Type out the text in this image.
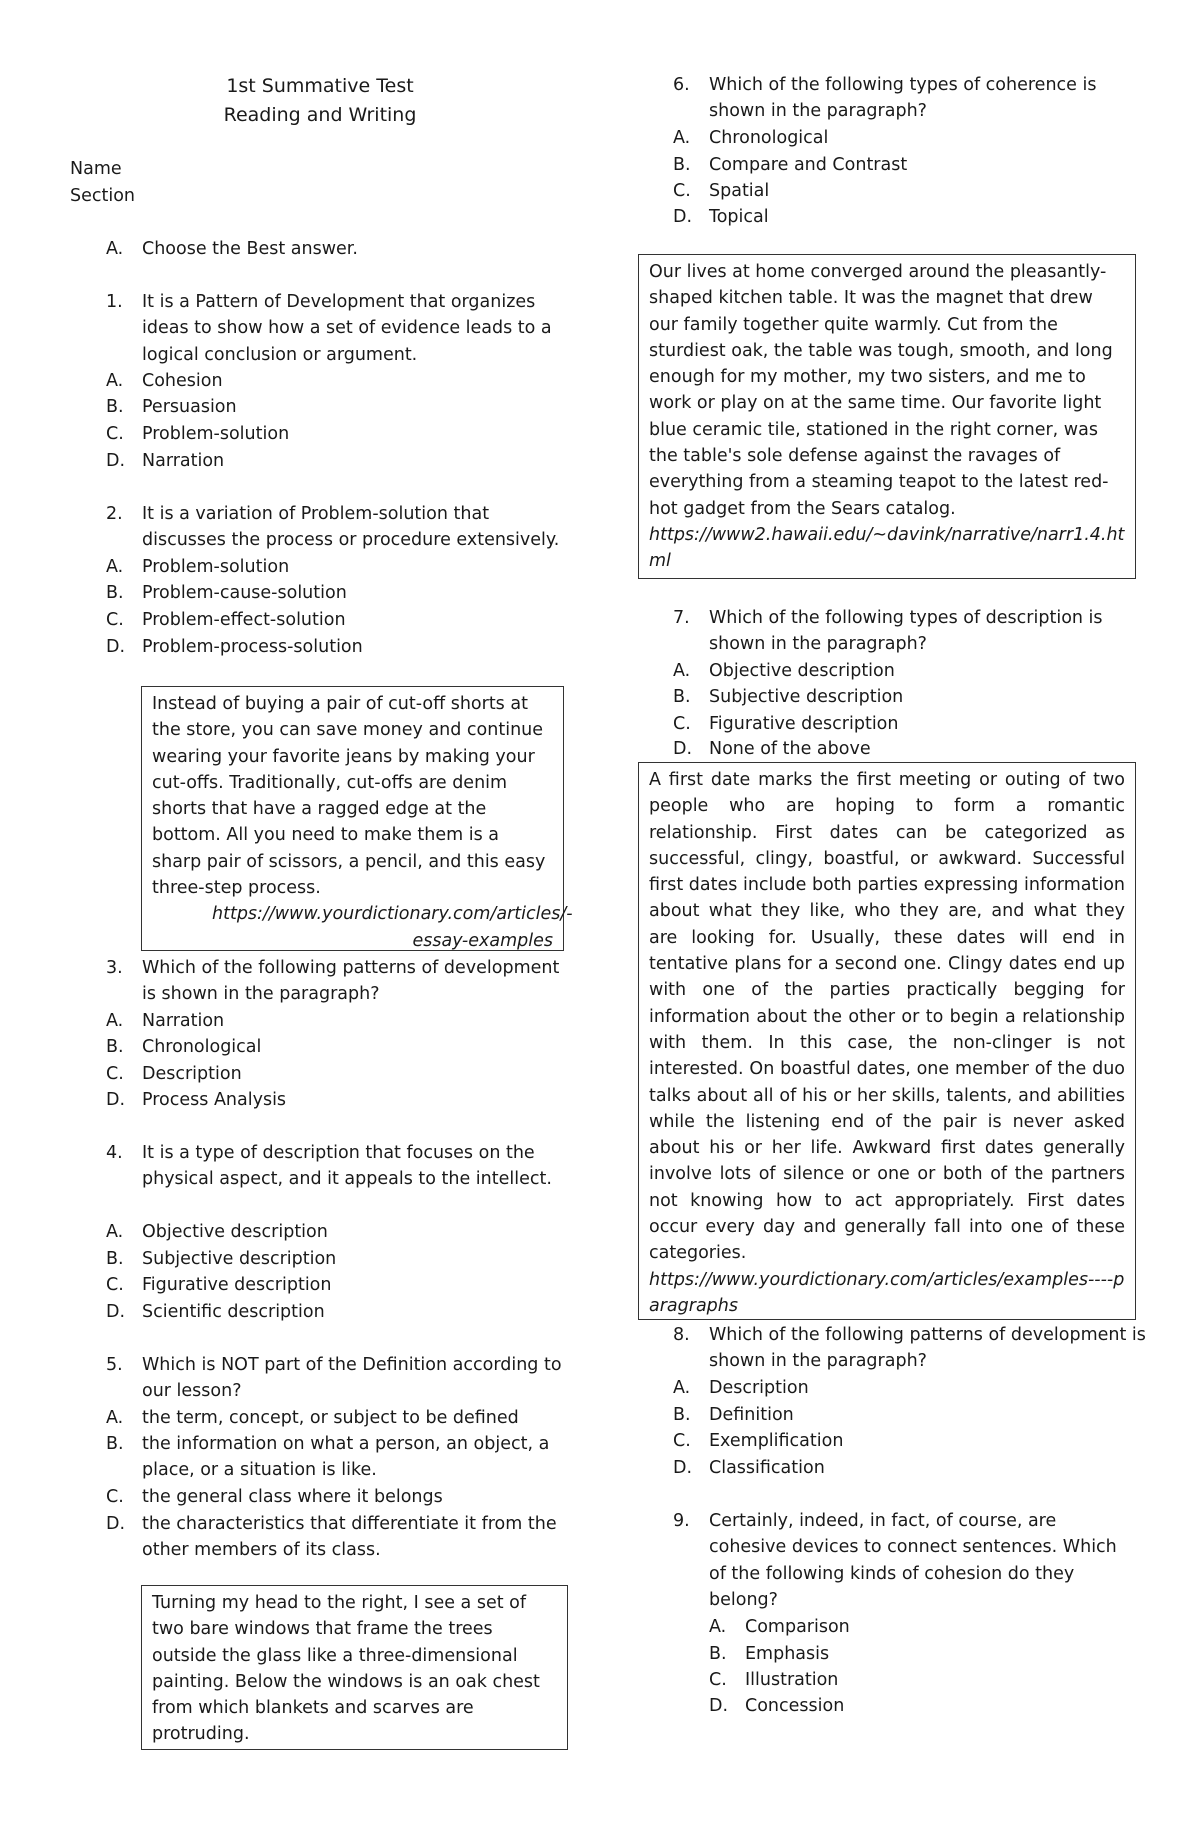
1st Summative Test
Reading and Writing
Name
Section
A.	Choose the Best answer.
1.	It is a Pattern of Development that organizes ideas to show how a set of evidence leads to a logical conclusion or argument.
A.	Cohesion
B.	Persuasion
C.	Problem-solution
D. Narration
2.	It is a variation of Problem-solution that discusses the process or procedure extensively.
A.	Problem-solution
B.	Problem-cause-solution
C.	Problem-effect-solution
D. Problem-process-solution

Instead of buying a pair of cut-off shorts at the store, you can save money and continue wearing your favorite jeans by making your cut-offs. Traditionally, cut-offs are denim shorts that have a ragged edge at the bottom. All you need to make them is a sharp pair of scissors, a pencil, and this easy three-step process.

https://www.yourdictionary.com/articles/-essay-examples

3.	Which of the following patterns of development is shown in the paragraph?
A.	Narration
B.	Chronological
C.	Description
D. Process Analysis
4.	It is a type of description that focuses on the physical aspect, and it appeals to the intellect.
A.	Objective description
B.	Subjective description
C.	Figurative description
D. Scientific description
5.	Which is NOT part of the Definition according to our lesson?
A.	the term, concept, or subject to be defined
B.	the information on what a person, an object, a place, or a situation is like.
C.	the general class where it belongs
D. the characteristics that differentiate it from the other members of its class.

Turning my head to the right, I see a set of two bare windows that frame the trees outside the glass like a three-dimensional painting. Below the windows is an oak chest from which blankets and scarves are protruding.

6.	Which of the following types of coherence is shown in the paragraph?
A.	Chronological
B.	Compare and Contrast
C.	Spatial
D. Topical

Our lives at home converged around the pleasantly-shaped kitchen table. It was the magnet that drew our family together quite warmly. Cut from the sturdiest oak, the table was tough, smooth, and long enough for my mother, my two sisters, and me to work or play on at the same time. Our favorite light blue ceramic tile, stationed in the right corner, was the table's sole defense against the ravages of everything from a steaming teapot to the latest red-hot gadget from the Sears catalog.

https://www2.hawaii.edu/~davink/narrative/narr1.4.html

7.	Which of the following types of description is shown in the paragraph?
A.	Objective description
B.	Subjective description
C.	Figurative description
D. None of the above

A first date marks the first meeting or outing of two people who are hoping to form a romantic relationship. First dates can be categorized as successful, clingy, boastful, or awkward. Successful first dates include both parties expressing information about what they like, who they are, and what they are looking for. Usually, these dates will end in tentative plans for a second one. Clingy dates end up with one of the parties practically begging for information about the other or to begin a relationship with them. In this case, the non-clinger is not interested. On boastful dates, one member of the duo talks about all of his or her skills, talents, and abilities while the listening end of the pair is never asked about his or her life. Awkward first dates generally involve lots of silence or one or both of the partners not knowing how to act appropriately. First dates occur every day and generally fall into one of these categories.

https://www.yourdictionary.com/articles/examples----paragraphs

8.	Which of the following patterns of development is shown in the paragraph?
A.	Description
B.	Definition
C.	Exemplification
D. Classification
9.	Certainly, indeed, in fact, of course, are cohesive devices to connect sentences. Which of the following kinds of cohesion do they belong?
A.	Comparison
B.	Emphasis
C.	Illustration
D. Concession
